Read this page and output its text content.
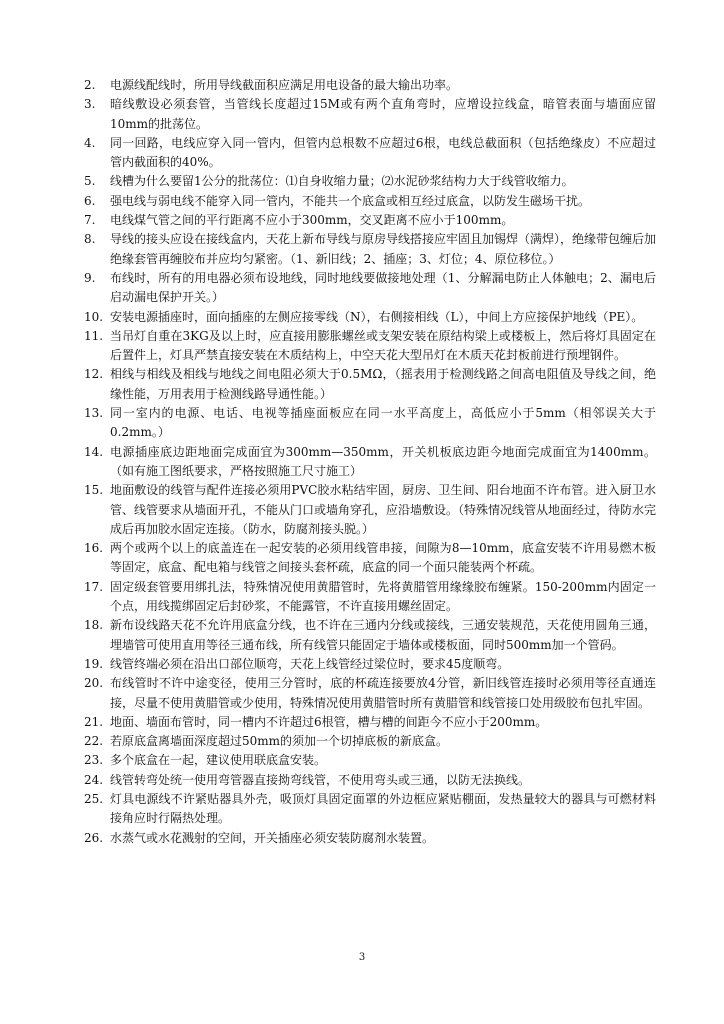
2.	电源线配线时，所用导线截面积应满足用电设备的最大输出功率。
3.	暗线敷设必须套管，当管线长度超过15M或有两个直角弯时，应增设拉线盒，暗管表面与墙面应留10mm的批荡位。
4.	同一回路，电线应穿入同一管内，但管内总根数不应超过6根，电线总截面积（包括绝缘皮）不应超过管内截面积的40%。
5.	线槽为什么要留1公分的批荡位：⑴自身收缩力量；⑵水泥砂浆结构力大于线管收缩力。
6.	强电线与弱电线不能穿入同一管内，不能共一个底盒或相互经过底盒，以防发生磁场干扰。
7.	电线煤气管之间的平行距离不应小于300mm，交叉距离不应小于100mm。
8.	导线的接头应设在接线盒内，天花上新布导线与原房导线搭接应牢固且加锡焊（满焊），绝缘带包缠后加绝缘套管再缠胶布并应均匀紧密。（1、新旧线；2、插座；3、灯位；4、原位移位。）
9.	布线时，所有的用电器必须布设地线，同时地线要做接地处理（1、分解漏电防止人体触电；2、漏电后启动漏电保护开关。）
10. 安装电源插座时，面向插座的左侧应接零线（N），右侧接相线（L），中间上方应接保护地线（PE）。
11. 当吊灯自重在3KG及以上时，应直接用膨胀螺丝或支架安装在原结构梁上或楼板上，然后将灯具固定在后置件上，灯具严禁直接安装在木质结构上，中空天花大型吊灯在木质天花封板前进行预埋钢件。
12. 相线与相线及相线与地线之间电阻必须大于0.5MΩ，（摇表用于检测线路之间高电阻值及导线之间，绝缘性能，万用表用于检测线路导通性能。）
13. 同一室内的电源、电话、电视等插座面板应在同一水平高度上，高低应小于5mm（相邻误关大于0.2mm。）
14. 电源插座底边距地面完成面宜为300mm—350mm，开关机板底边距今地面完成面宜为1400mm。（如有施工图纸要求，严格按照施工尺寸施工）
15. 地面敷设的线管与配件连接必须用PVC胶水粘结牢固，厨房、卫生间、阳台地面不许布管。进入厨卫水管、线管要求从墙面开孔，不能从门口或墙角穿孔，应沿墙敷设。（特殊情况线管从地面经过，待防水完成后再加胶水固定连接。（防水，防腐剂接头脱。）
16. 两个或两个以上的底盖连在一起安装的必须用线管串接，间隙为8—10mm，底盒安装不许用易燃木板等固定，底盒、配电箱与线管之间接头套杯疏，底盒的同一个面只能装两个杯疏。
17. 固定级套管要用绑扎法，特殊情况使用黄腊管时，先将黄腊管用缘缘胶布缠紧。150-200mm内固定一个点，用线揽绑固定后封砂浆，不能露管，不许直接用螺丝固定。
18. 新布设线路天花不允许用底盒分线，也不许在三通内分线或接线，三通安装规范，天花使用圆角三通，埋墙管可使用直用等径三通布线，所有线管只能固定于墙体或楼板面，同时500mm加一个管码。
19. 线管终端必须在沿出口部位顺弯，天花上线管经过梁位时，要求45度顺弯。
20. 布线管时不许中途变径，使用三分管时，底的杯疏连接要放4分管，新旧线管连接时必须用等径直通连接，尽量不使用黄腊管或少使用，特殊情况使用黄腊管时所有黄腊管和线管接口处用级胶布包扎牢固。
21. 地面、墙面布管时，同一槽内不许超过6根管，槽与槽的间距今不应小于200mm。
22. 若原底盒离墙面深度超过50mm的须加一个切掉底板的新底盒。
23. 多个底盒在一起，建议使用联底盒安装。
24. 线管转弯处统一使用弯管器直接拗弯线管，不使用弯头或三通，以防无法换线。
25. 灯具电源线不许紧贴器具外壳，吸顶灯具固定面罩的外边框应紧贴棚面，发热量较大的器具与可燃材料接角应时行隔热处理。
26. 水蒸气或水花溅射的空间，开关插座必须安装防腐剂水装置。
3
